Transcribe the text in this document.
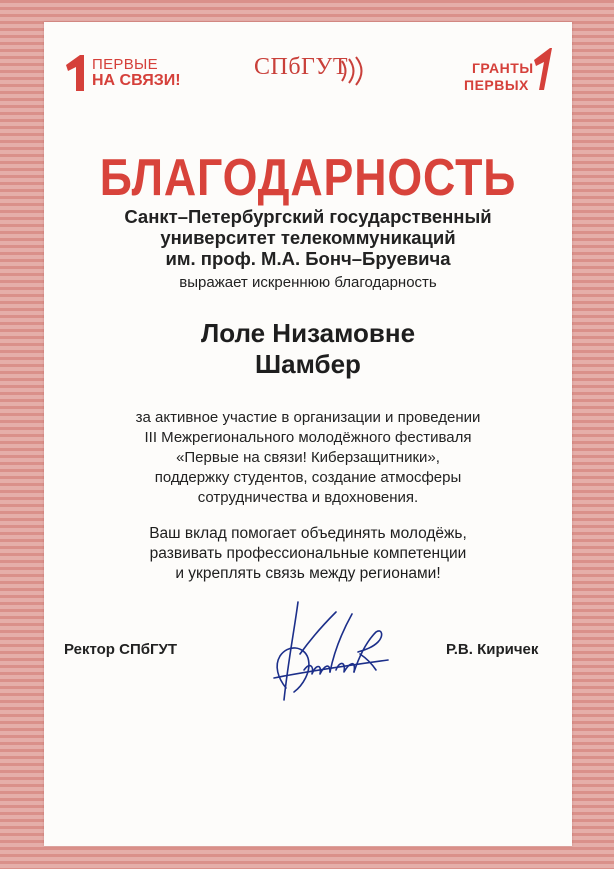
ПЕРВЫЕ
НА СВЯЗИ!
СПбГУТ	ГРАНТЫ
ПЕРВЫХ
БЛАГОДАРНОСТЬ
Санкт–Петербургский государственный
университет телекоммуникаций
им. проф. М.А. Бонч–Бруевича
выражает искреннюю благодарность
Лоле Низамовне
Шамбер
за активное участие в организации и проведении
III Межрегионального молодёжного фестиваля
«Первые на связи! Киберзащитники»,
поддержку студентов, создание атмосферы
сотрудничества и вдохновения.
Ваш вклад помогает объединять молодёжь,
развивать профессиональные компетенции
и укреплять связь между регионами!
Ректор СПбГУТ	Р.В. Киричек
